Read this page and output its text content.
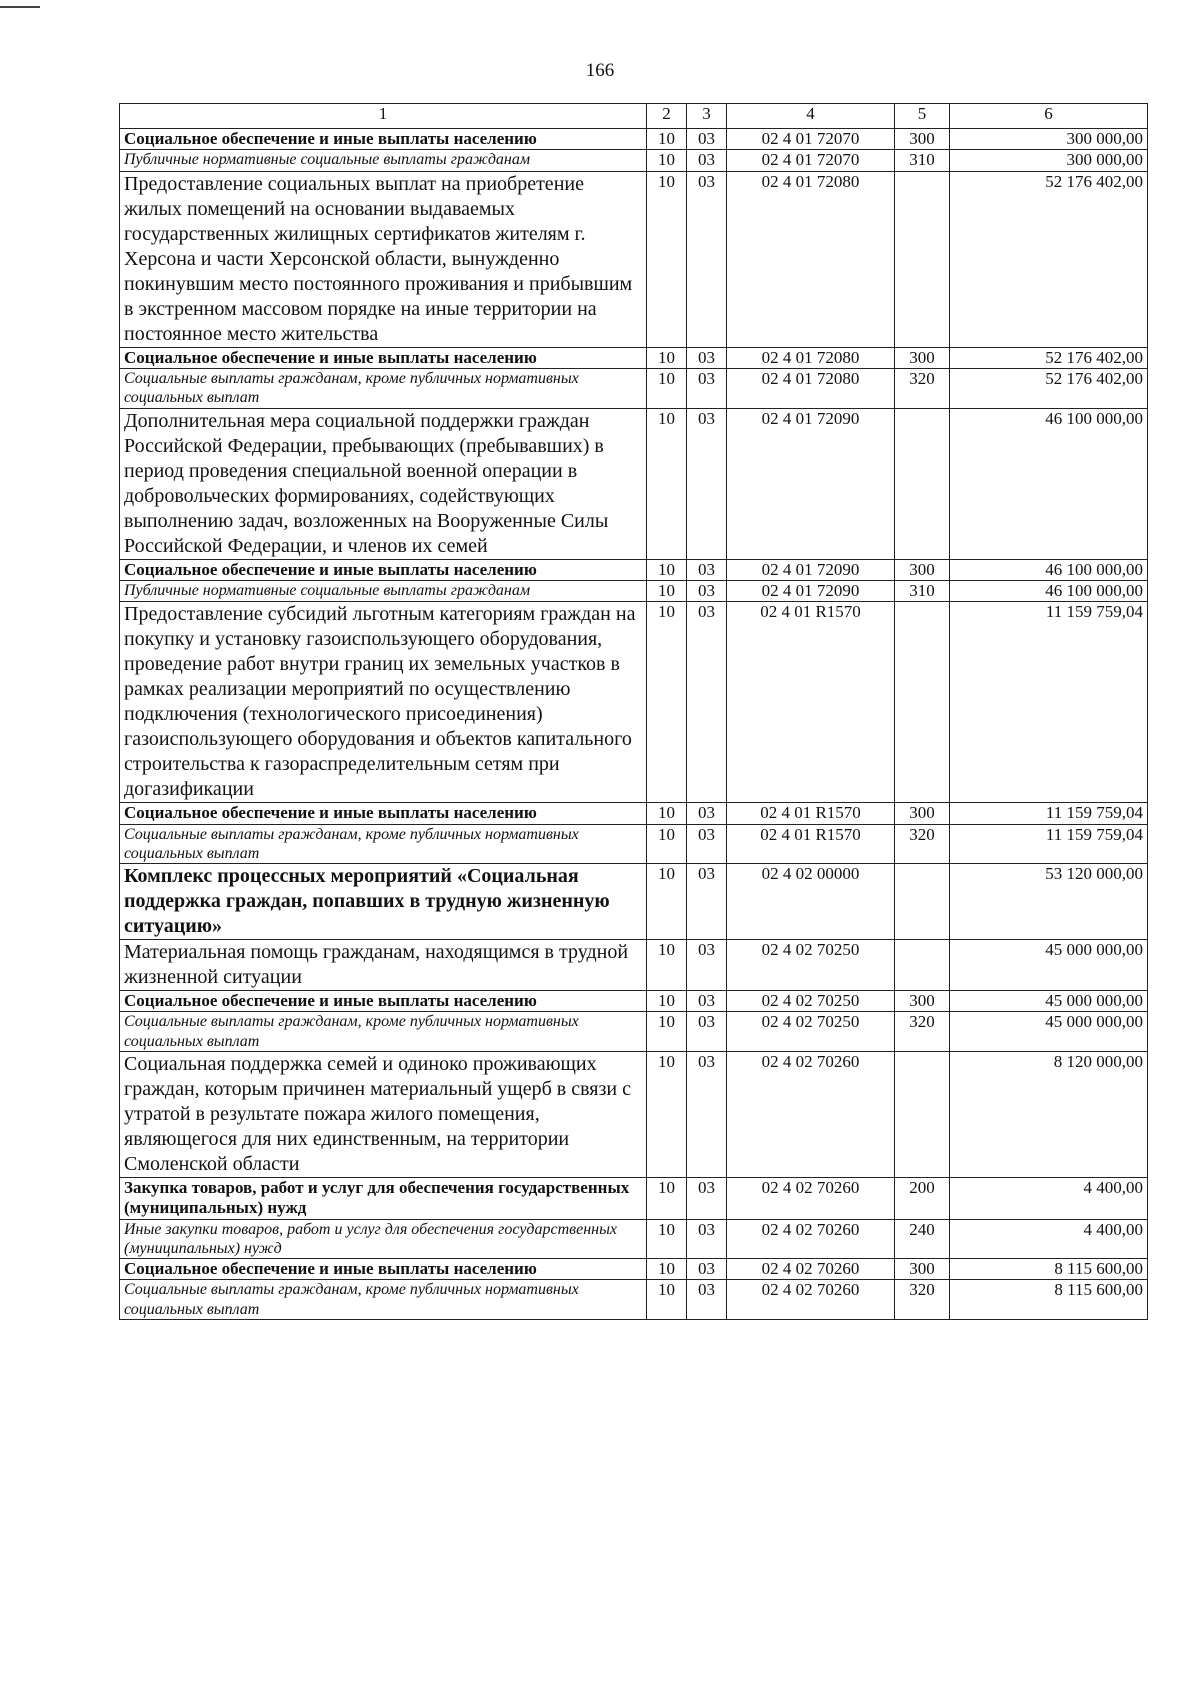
166
1	2	3	4	5	6
Социальное обеспечение и иные выплаты населению	10	03	02 4 01 72070	300	300 000,00
Публичные нормативные социальные выплаты гражданам	10	03	02 4 01 72070	310	300 000,00
Предоставление социальных выплат на приобретение жилых помещений на основании выдаваемых государственных жилищных сертификатов жителям г. Херсона и части Херсонской области, вынужденно покинувшим место постоянного проживания и прибывшим в экстренном массовом порядке на иные территории на постоянное место жительства	10	03	02 4 01 72080		52 176 402,00
Социальное обеспечение и иные выплаты населению	10	03	02 4 01 72080	300	52 176 402,00
Социальные выплаты гражданам, кроме публичных нормативных социальных выплат	10	03	02 4 01 72080	320	52 176 402,00
Дополнительная мера социальной поддержки граждан Российской Федерации, пребывающих (пребывавших) в период проведения специальной военной операции в добровольческих формированиях, содействующих выполнению задач, возложенных на Вооруженные Силы Российской Федерации, и членов их семей	10	03	02 4 01 72090		46 100 000,00
Социальное обеспечение и иные выплаты населению	10	03	02 4 01 72090	300	46 100 000,00
Публичные нормативные социальные выплаты гражданам	10	03	02 4 01 72090	310	46 100 000,00
Предоставление субсидий льготным категориям граждан на покупку и установку газоиспользующего оборудования, проведение работ внутри границ их земельных участков в рамках реализации мероприятий по осуществлению подключения (технологического присоединения) газоиспользующего оборудования и объектов капитального строительства к газораспределительным сетям при догазификации	10	03	02 4 01 R1570		11 159 759,04
Социальное обеспечение и иные выплаты населению	10	03	02 4 01 R1570	300	11 159 759,04
Социальные выплаты гражданам, кроме публичных нормативных социальных выплат	10	03	02 4 01 R1570	320	11 159 759,04
Комплекс процессных мероприятий «Социальная поддержка граждан, попавших в трудную жизненную ситуацию»	10	03	02 4 02 00000		53 120 000,00
Материальная помощь гражданам, находящимся в трудной жизненной ситуации	10	03	02 4 02 70250		45 000 000,00
Социальное обеспечение и иные выплаты населению	10	03	02 4 02 70250	300	45 000 000,00
Социальные выплаты гражданам, кроме публичных нормативных социальных выплат	10	03	02 4 02 70250	320	45 000 000,00
Социальная поддержка семей и одиноко проживающих граждан, которым причинен материальный ущерб в связи с утратой в результате пожара жилого помещения, являющегося для них единственным, на территории Смоленской области	10	03	02 4 02 70260		8 120 000,00
Закупка товаров, работ и услуг для обеспечения государственных (муниципальных) нужд	10	03	02 4 02 70260	200	4 400,00
Иные закупки товаров, работ и услуг для обеспечения государственных (муниципальных) нужд	10	03	02 4 02 70260	240	4 400,00
Социальное обеспечение и иные выплаты населению	10	03	02 4 02 70260	300	8 115 600,00
Социальные выплаты гражданам, кроме публичных нормативных социальных выплат	10	03	02 4 02 70260	320	8 115 600,00
